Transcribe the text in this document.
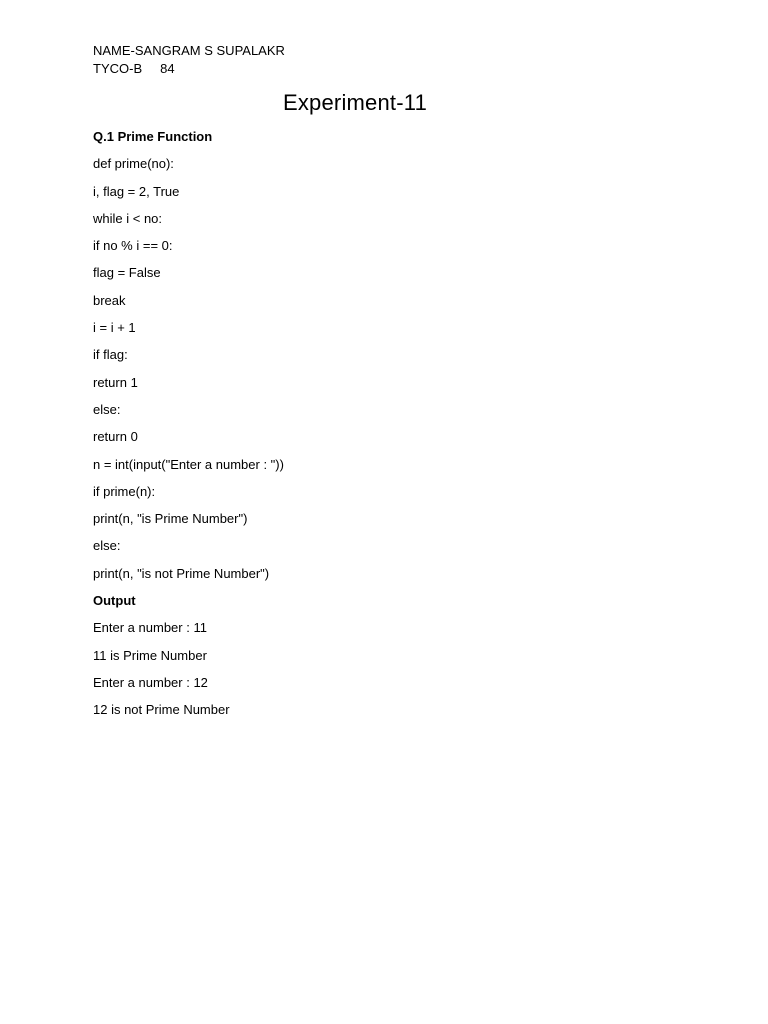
NAME-SANGRAM S SUPALAKR
TYCO-B     84
Experiment-11
Q.1 Prime Function
def prime(no):
i, flag = 2, True
while i < no:
if no % i == 0:
flag = False
break
i = i + 1
if flag:
return 1
else:
return 0
n = int(input("Enter a number : "))
if prime(n):
print(n, "is Prime Number")
else:
print(n, "is not Prime Number")
Output
Enter a number : 11
11 is Prime Number
Enter a number : 12
12 is not Prime Number
